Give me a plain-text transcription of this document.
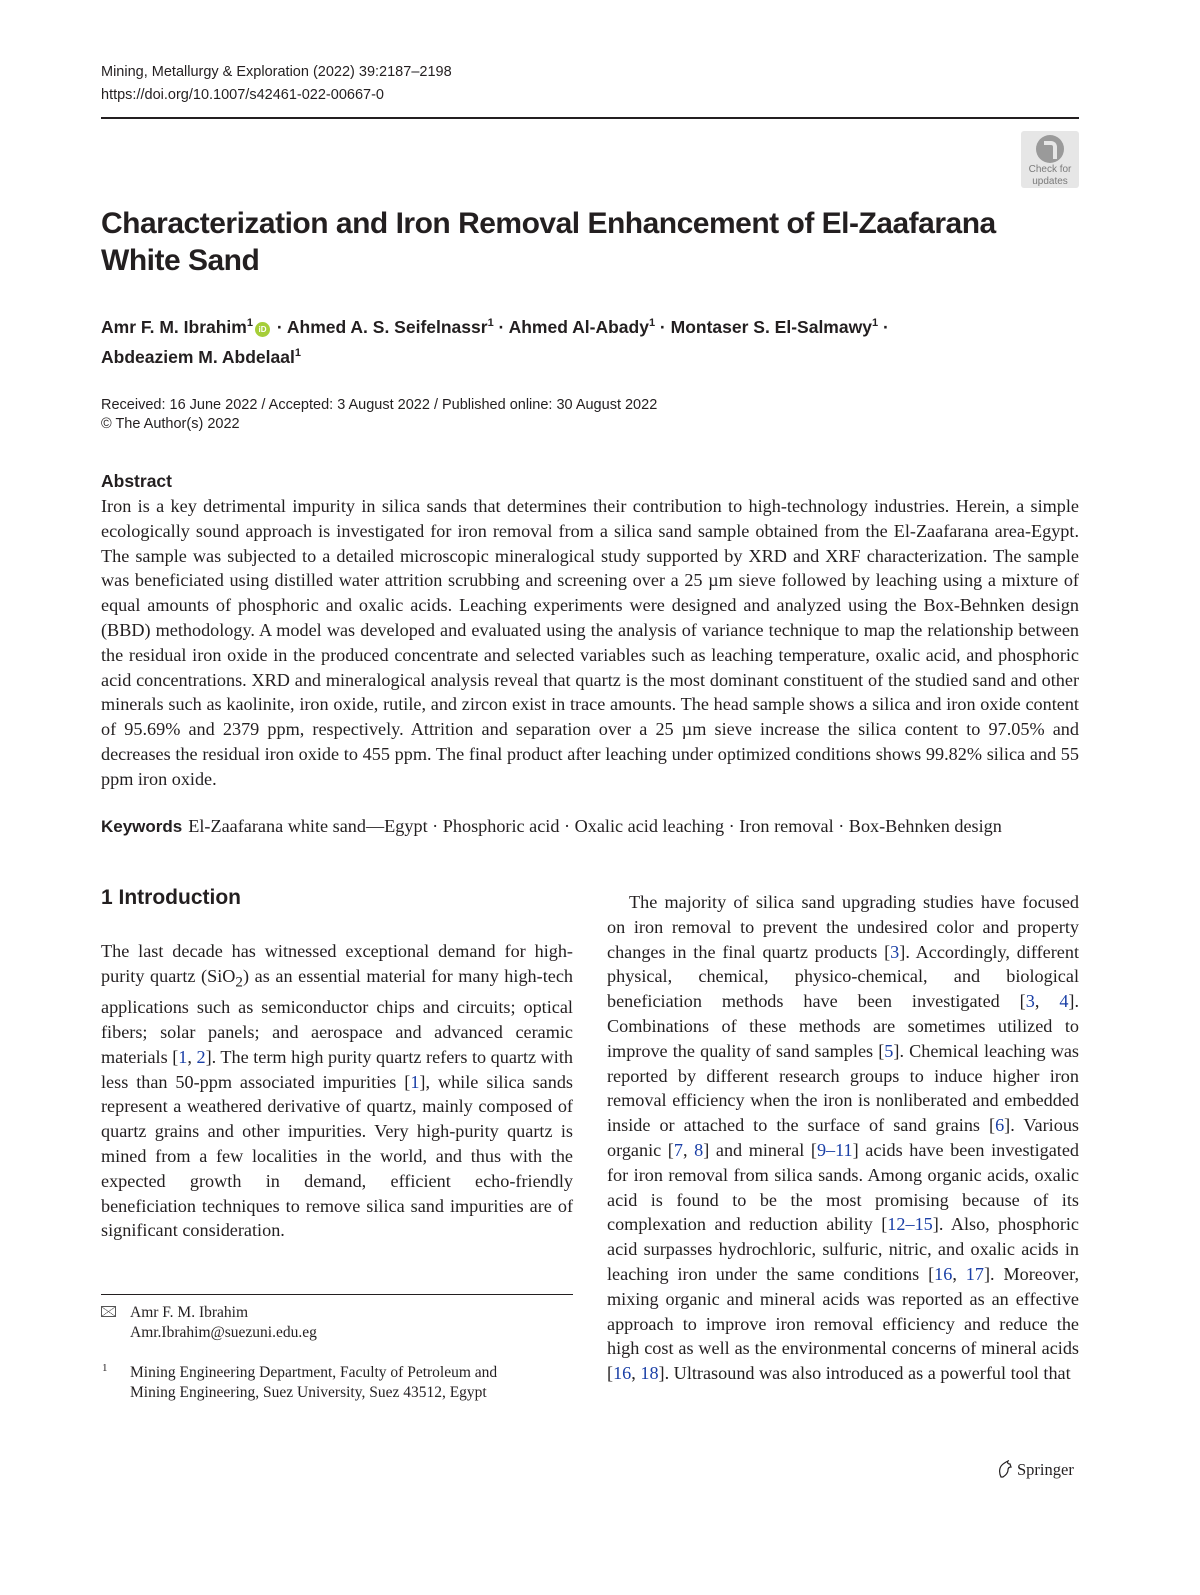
Mining, Metallurgy & Exploration (2022) 39:2187–2198
https://doi.org/10.1007/s42461-022-00667-0
Check for
updates
Characterization and Iron Removal Enhancement of El-Zaafarana White Sand
Amr F. M. Ibrahim$^1$iD · Ahmed A. S. Seifelnassr$^1$ · Ahmed Al-Abady$^1$ · Montaser S. El-Salmawy$^1$ ·
Abdeaziem M. Abdelaal$^1$
Received: 16 June 2022 / Accepted: 3 August 2022 / Published online: 30 August 2022
© The Author(s) 2022
Abstract
Iron is a key detrimental impurity in silica sands that determines their contribution to high-technology industries. Herein, a simple ecologically sound approach is investigated for iron removal from a silica sand sample obtained from the El-Zaafarana area-Egypt. The sample was subjected to a detailed microscopic mineralogical study supported by XRD and XRF characterization. The sample was beneficiated using distilled water attrition scrubbing and screening over a 25 µm sieve followed by leaching using a mixture of equal amounts of phosphoric and oxalic acids. Leaching experiments were designed and analyzed using the Box-Behnken design (BBD) methodology. A model was developed and evaluated using the analysis of variance technique to map the relationship between the residual iron oxide in the produced concentrate and selected variables such as leaching temperature, oxalic acid, and phosphoric acid concentrations. XRD and mineralogical analysis reveal that quartz is the most dominant constituent of the studied sand and other minerals such as kaolinite, iron oxide, rutile, and zircon exist in trace amounts. The head sample shows a silica and iron oxide content of 95.69% and 2379 ppm, respectively. Attrition and separation over a 25 µm sieve increase the silica content to 97.05% and decreases the residual iron oxide to 455 ppm. The final product after leaching under optimized conditions shows 99.82% silica and 55 ppm iron oxide.
Keywords El-Zaafarana white sand—Egypt · Phosphoric acid · Oxalic acid leaching · Iron removal · Box-Behnken design
1 Introduction
The last decade has witnessed exceptional demand for high-purity quartz (SiO$_2$) as an essential material for many high-tech applications such as semiconductor chips and circuits; optical fibers; solar panels; and aerospace and advanced ceramic materials [1, 2]. The term high purity quartz refers to quartz with less than 50-ppm associated impurities [1], while silica sands represent a weathered derivative of quartz, mainly composed of quartz grains and other impurities. Very high-purity quartz is mined from a few localities in the world, and thus with the expected growth in demand, efficient echo-friendly beneficiation techniques to remove silica sand impurities are of significant consideration.
Amr F. M. Ibrahim
Amr.Ibrahim@suezuni.edu.eg
1 Mining Engineering Department, Faculty of Petroleum and Mining Engineering, Suez University, Suez 43512, Egypt
The majority of silica sand upgrading studies have focused on iron removal to prevent the undesired color and property changes in the final quartz products [3]. Accordingly, different physical, chemical, physico-chemical, and biological beneficiation methods have been investigated [3, 4]. Combinations of these methods are sometimes utilized to improve the quality of sand samples [5]. Chemical leaching was reported by different research groups to induce higher iron removal efficiency when the iron is nonliberated and embedded inside or attached to the surface of sand grains [6]. Various organic [7, 8] and mineral [9–11] acids have been investigated for iron removal from silica sands. Among organic acids, oxalic acid is found to be the most promising because of its complexation and reduction ability [12–15]. Also, phosphoric acid surpasses hydrochloric, sulfuric, nitric, and oxalic acids in leaching iron under the same conditions [16, 17]. Moreover, mixing organic and mineral acids was reported as an effective approach to improve iron removal efficiency and reduce the high cost as well as the environmental concerns of mineral acids [16, 18]. Ultrasound was also introduced as a powerful tool that
Springer
